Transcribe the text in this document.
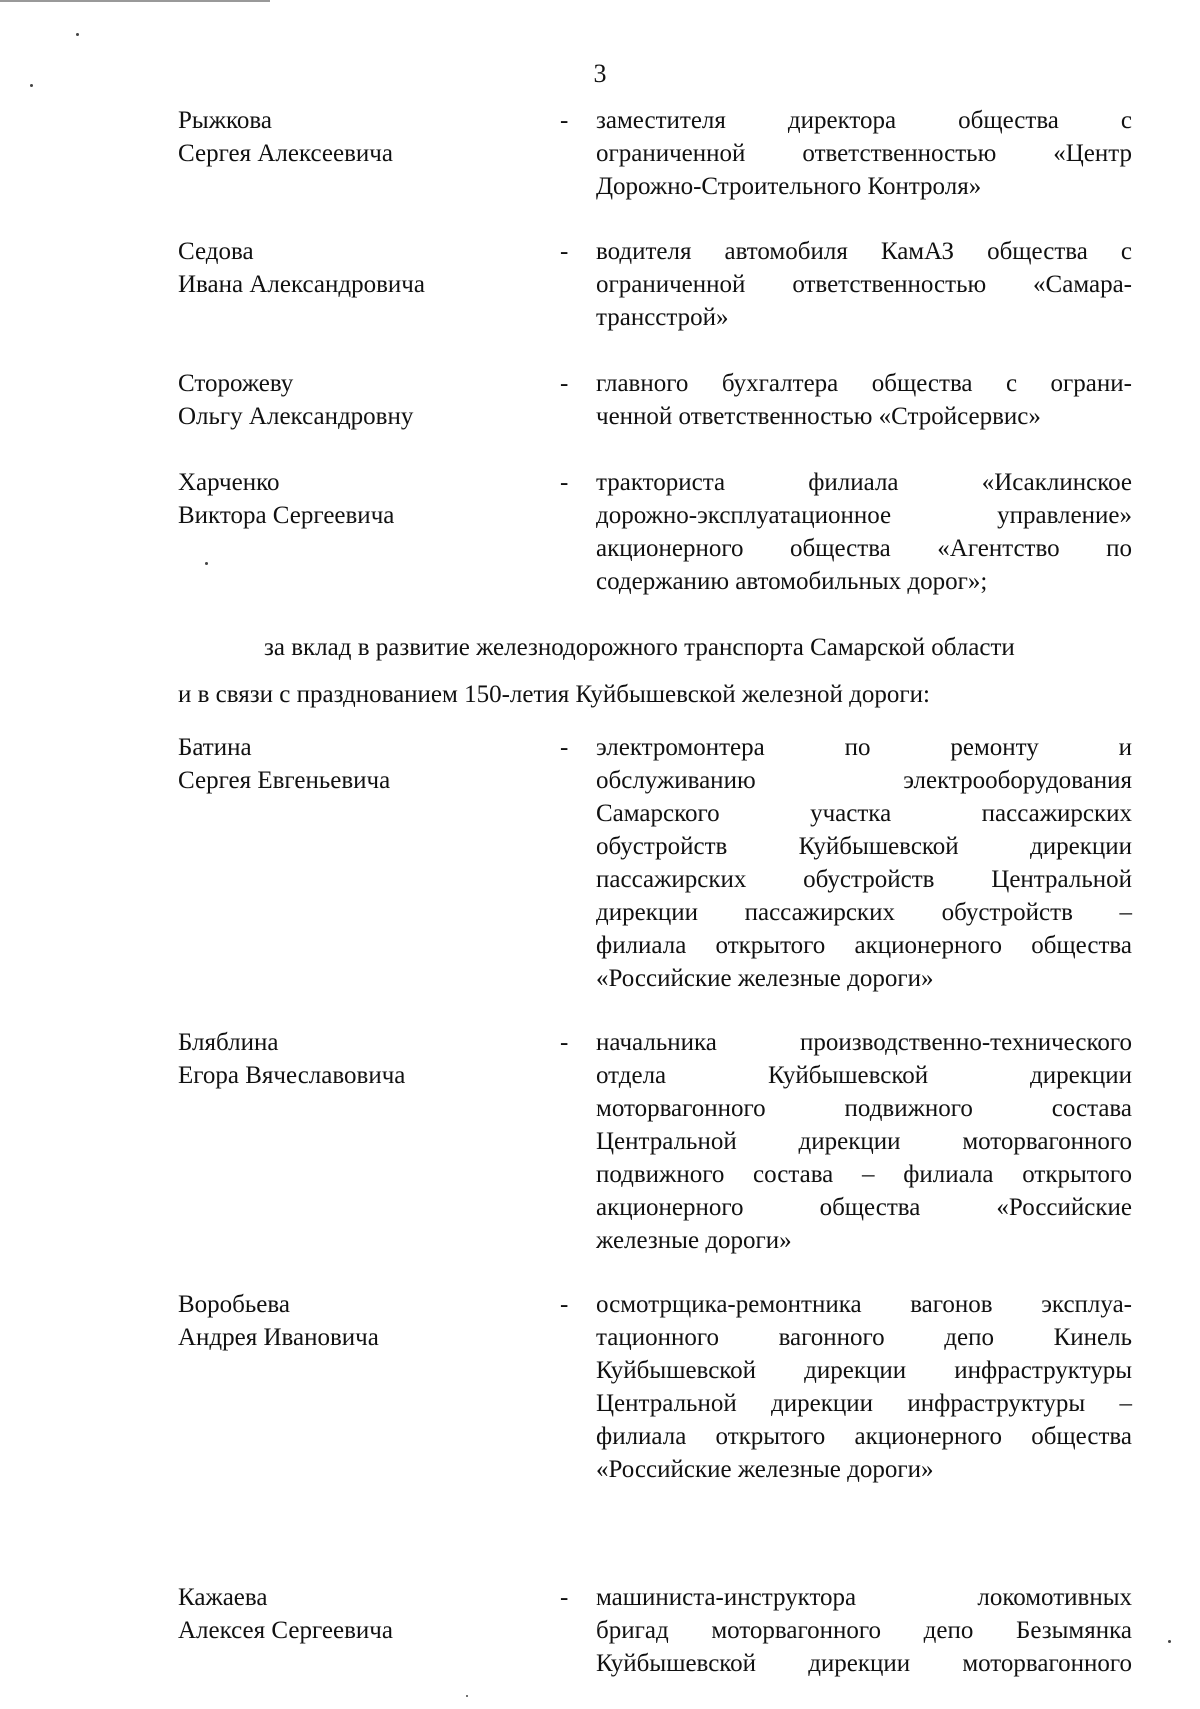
3
Рыжкова
Сергея Алексеевича
- заместителя директора общества с
ограниченной ответственностью «Центр
Дорожно-Строительного Контроля»
Седова
Ивана Александровича
- водителя автомобиля КамАЗ общества с
ограниченной ответственностью «Самара-
трансстрой»
Сторожеву
Ольгу Александровну
- главного бухгалтера общества с ограни-
ченной ответственностью «Стройсервис»
Харченко
Виктора Сергеевича
- тракториста филиала «Исаклинское
дорожно-эксплуатационное управление»
акционерного общества «Агентство по
содержанию автомобильных дорог»;
за вклад в развитие железнодорожного транспорта Самарской области
и в связи с празднованием 150-летия Куйбышевской железной дороги:
Батина
Сергея Евгеньевича
- электромонтера по ремонту и
обслуживанию электрооборудования
Самарского участка пассажирских
обустройств Куйбышевской дирекции
пассажирских обустройств Центральной
дирекции пассажирских обустройств –
филиала открытого акционерного общества
«Российские железные дороги»
Бляблина
Егора Вячеславовича
- начальника производственно-технического
отдела Куйбышевской дирекции
моторвагонного подвижного состава
Центральной дирекции моторвагонного
подвижного состава – филиала открытого
акционерного общества «Российские
железные дороги»
Воробьева
Андрея Ивановича
- осмотрщика-ремонтника вагонов эксплуа-
тационного вагонного депо Кинель
Куйбышевской дирекции инфраструктуры
Центральной дирекции инфраструктуры –
филиала открытого акционерного общества
«Российские железные дороги»
Кажаева
Алексея Сергеевича
- машиниста-инструктора локомотивных
бригад моторвагонного депо Безымянка
Куйбышевской дирекции моторвагонного
